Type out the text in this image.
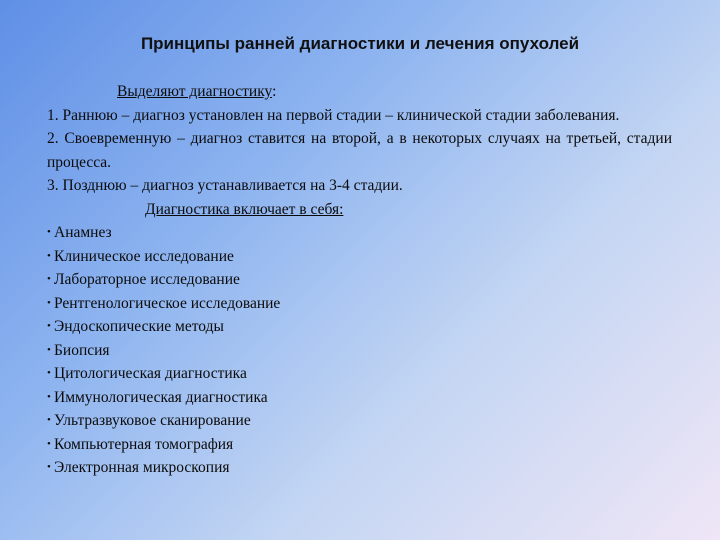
Принципы ранней диагностики и лечения опухолей
Выделяют диагностику:
1. Раннюю – диагноз установлен на первой стадии – клинической стадии заболевания.
2. Своевременную – диагноз ставится на второй, а в некоторых случаях на третьей, стадии процесса.
3. Позднюю – диагноз устанавливается на 3-4 стадии.
Диагностика включает в себя:
• Анамнез
• Клиническое исследование
• Лабораторное исследование
• Рентгенологическое исследование
• Эндоскопические методы
• Биопсия
• Цитологическая диагностика
• Иммунологическая диагностика
• Ультразвуковое сканирование
• Компьютерная томография
• Электронная микроскопия
